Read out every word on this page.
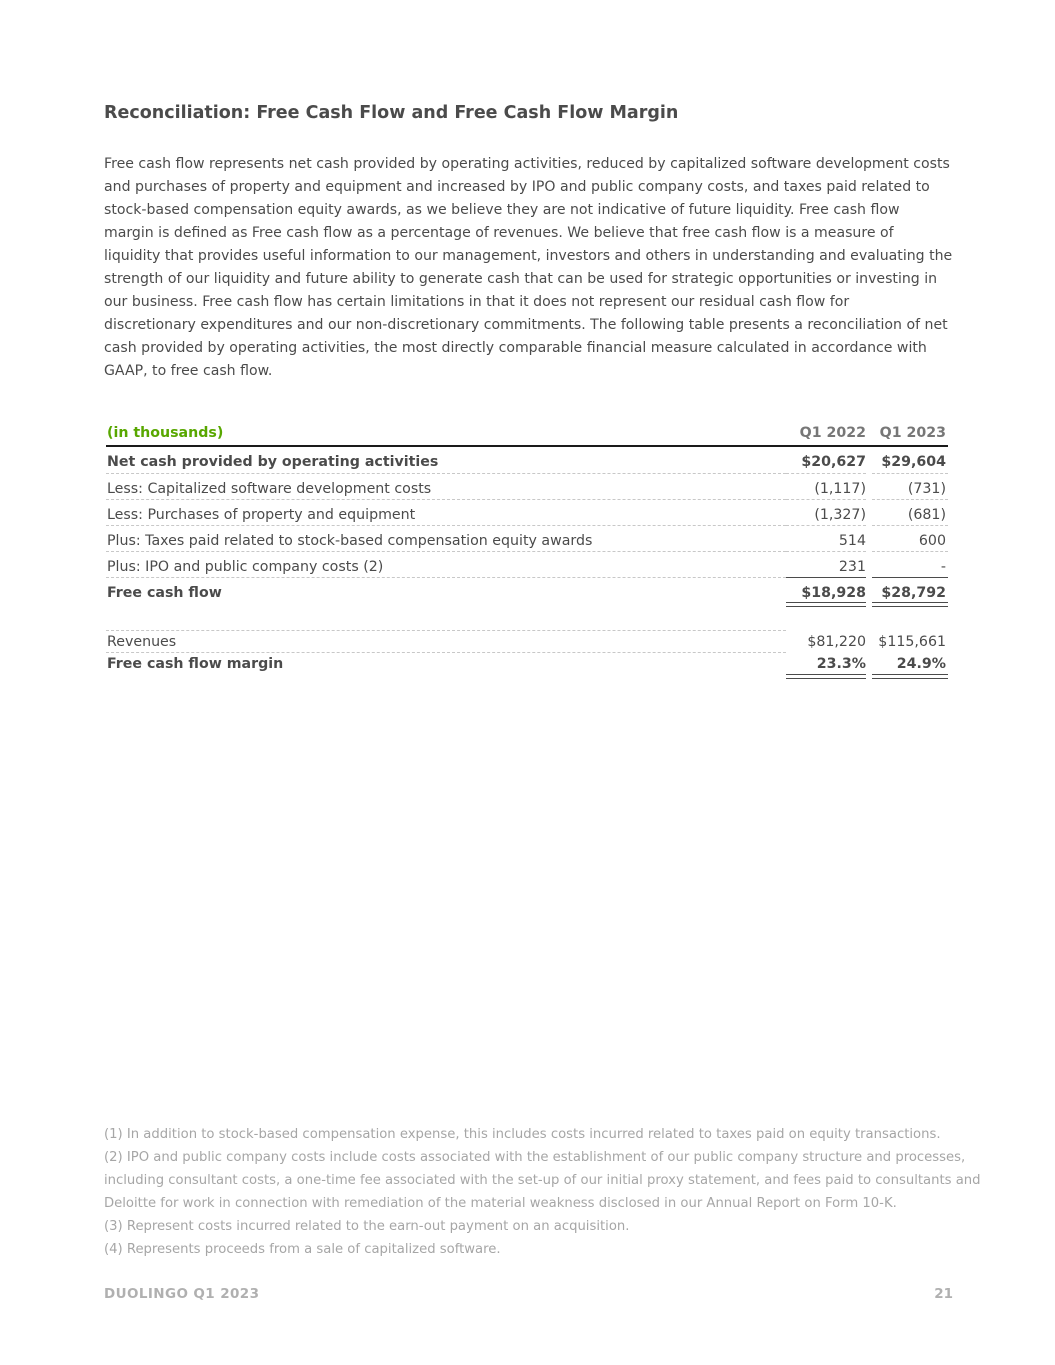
Reconciliation: Free Cash Flow and Free Cash Flow Margin
Free cash flow represents net cash provided by operating activities, reduced by capitalized software development costs
and purchases of property and equipment and increased by IPO and public company costs, and taxes paid related to
stock-based compensation equity awards, as we believe they are not indicative of future liquidity. Free cash flow
margin is defined as Free cash flow as a percentage of revenues. We believe that free cash flow is a measure of
liquidity that provides useful information to our management, investors and others in understanding and evaluating the
strength of our liquidity and future ability to generate cash that can be used for strategic opportunities or investing in
our business. Free cash flow has certain limitations in that it does not represent our residual cash flow for
discretionary expenditures and our non-discretionary commitments. The following table presents a reconciliation of net
cash provided by operating activities, the most directly comparable financial measure calculated in accordance with
GAAP, to free cash flow.
(in thousands)	Q1 2022 Q1 2023
Net cash provided by operating activities	$20,627 $29,604
Less: Capitalized software development costs	(1,117)	(731)
Less: Purchases of property and equipment	(1,327)	(681)
Plus: Taxes paid related to stock-based compensation equity awards	514	600
Plus: IPO and public company costs (2)	231	-
Free cash flow	$18,928 $28,792
Revenues	$81,220 $115,661
Free cash flow margin	23.3% 24.9%
(1) In addition to stock-based compensation expense, this includes costs incurred related to taxes paid on equity transactions.
(2) IPO and public company costs include costs associated with the establishment of our public company structure and processes,
including consultant costs, a one-time fee associated with the set-up of our initial proxy statement, and fees paid to consultants and
Deloitte for work in connection with remediation of the material weakness disclosed in our Annual Report on Form 10-K.
(3) Represent costs incurred related to the earn-out payment on an acquisition.
(4) Represents proceeds from a sale of capitalized software.
DUOLINGO Q1 2023	21
